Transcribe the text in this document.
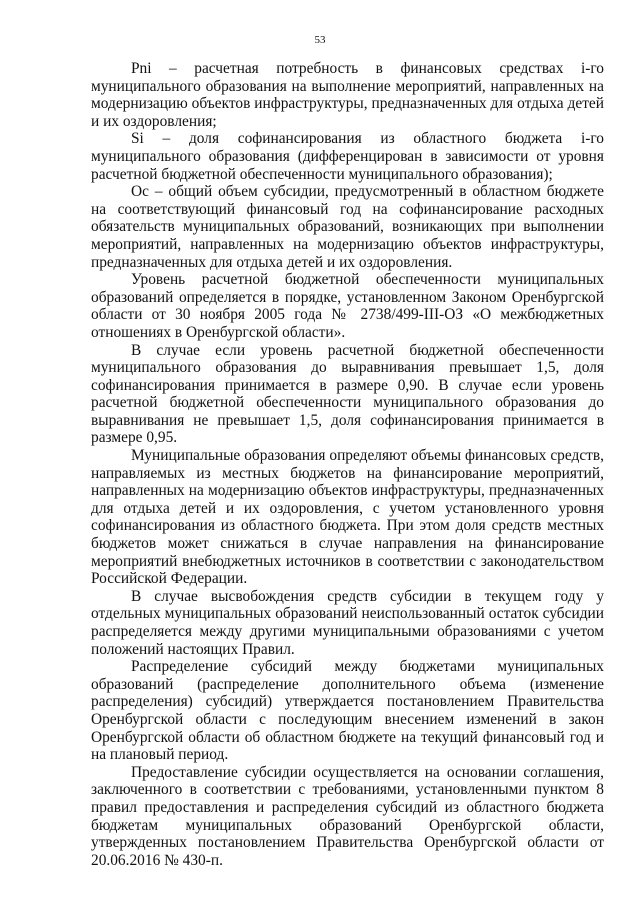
53

Pni – расчетная потребность в финансовых средствах i-го муниципального образования на выполнение мероприятий, направленных на модернизацию объектов инфраструктуры, предназначенных для отдыха детей и их оздоровления;

Si – доля софинансирования из областного бюджета i-го муниципального образования (дифференцирован в зависимости от уровня расчетной бюджетной обеспеченности муниципального образования);

Ос – общий объем субсидии, предусмотренный в областном бюджете на соответствующий финансовый год на софинансирование расходных обязательств муниципальных образований, возникающих при выполнении мероприятий, направленных на модернизацию объектов инфраструктуры, предназначенных для отдыха детей и их оздоровления.

Уровень расчетной бюджетной обеспеченности муниципальных образований определяется в порядке, установленном Законом Оренбургской области от 30 ноября 2005 года № 2738/499-III-ОЗ «О межбюджетных отношениях в Оренбургской области».

В случае если уровень расчетной бюджетной обеспеченности муниципального образования до выравнивания превышает 1,5, доля софинансирования принимается в размере 0,90. В случае если уровень расчетной бюджетной обеспеченности муниципального образования до выравнивания не превышает 1,5, доля софинансирования принимается в размере 0,95.

Муниципальные образования определяют объемы финансовых средств, направляемых из местных бюджетов на финансирование мероприятий, направленных на модернизацию объектов инфраструктуры, предназначенных для отдыха детей и их оздоровления, с учетом установленного уровня софинансирования из областного бюджета. При этом доля средств местных бюджетов может снижаться в случае направления на финансирование мероприятий внебюджетных источников в соответствии с законодательством Российской Федерации.

В случае высвобождения средств субсидии в текущем году у отдельных муниципальных образований неиспользованный остаток субсидии распределяется между другими муниципальными образованиями с учетом положений настоящих Правил.

Распределение субсидий между бюджетами муниципальных образований (распределение дополнительного объема (изменение распределения) субсидий) утверждается постановлением Правительства Оренбургской области с последующим внесением изменений в закон Оренбургской области об областном бюджете на текущий финансовый год и на плановый период.

Предоставление субсидии осуществляется на основании соглашения, заключенного в соответствии с требованиями, установленными пунктом 8 правил предоставления и распределения субсидий из областного бюджета бюджетам муниципальных образований Оренбургской области, утвержденных постановлением Правительства Оренбургской области от 20.06.2016 № 430-п.
